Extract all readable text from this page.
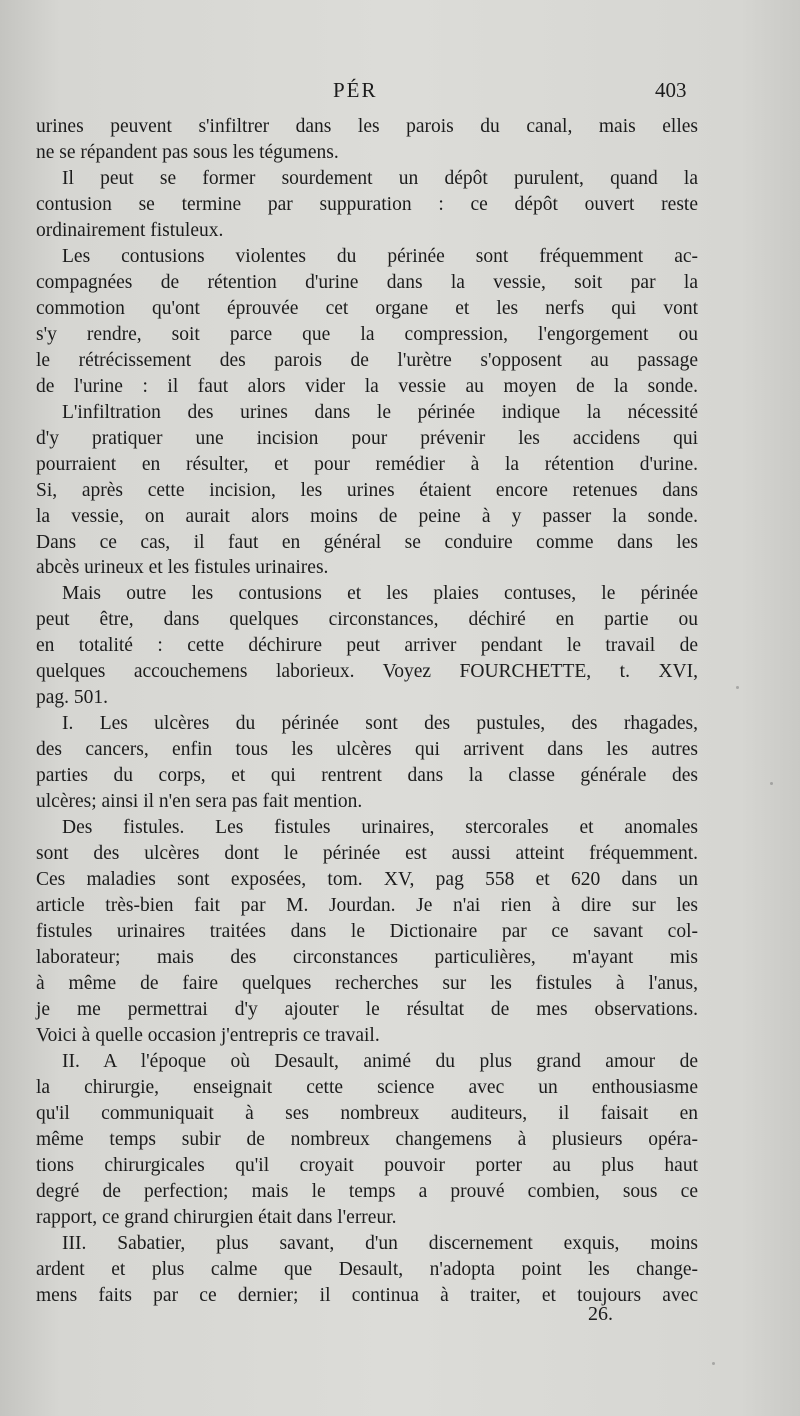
PÉR	403
urines peuvent s'infiltrer dans les parois du canal, mais elles
ne se répandent pas sous les tégumens.
Il peut se former sourdement un dépôt purulent, quand la
contusion se termine par suppuration : ce dépôt ouvert reste
ordinairement fistuleux.
Les contusions violentes du périnée sont fréquemment ac-
compagnées de rétention d'urine dans la vessie, soit par la
commotion qu'ont éprouvée cet organe et les nerfs qui vont
s'y rendre, soit parce que la compression, l'engorgement ou
le rétrécissement des parois de l'urètre s'opposent au passage
de l'urine : il faut alors vider la vessie au moyen de la sonde.
L'infiltration des urines dans le périnée indique la nécessité
d'y pratiquer une incision pour prévenir les accidens qui
pourraient en résulter, et pour remédier à la rétention d'urine.
Si, après cette incision, les urines étaient encore retenues dans
la vessie, on aurait alors moins de peine à y passer la sonde.
Dans ce cas, il faut en général se conduire comme dans les
abcès urineux et les fistules urinaires.
Mais outre les contusions et les plaies contuses, le périnée
peut être, dans quelques circonstances, déchiré en partie ou
en totalité : cette déchirure peut arriver pendant le travail de
quelques accouchemens laborieux. Voyez FOURCHETTE, t. XVI,
pag. 501.
I. Les ulcères du périnée sont des pustules, des rhagades,
des cancers, enfin tous les ulcères qui arrivent dans les autres
parties du corps, et qui rentrent dans la classe générale des
ulcères; ainsi il n'en sera pas fait mention.
Des fistules. Les fistules urinaires, stercorales et anomales
sont des ulcères dont le périnée est aussi atteint fréquemment.
Ces maladies sont exposées, tom. XV, pag 558 et 620 dans un
article très-bien fait par M. Jourdan. Je n'ai rien à dire sur les
fistules urinaires traitées dans le Dictionaire par ce savant col-
laborateur; mais des circonstances particulières, m'ayant mis
à même de faire quelques recherches sur les fistules à l'anus,
je me permettrai d'y ajouter le résultat de mes observations.
Voici à quelle occasion j'entrepris ce travail.
II. A l'époque où Desault, animé du plus grand amour de
la chirurgie, enseignait cette science avec un enthousiasme
qu'il communiquait à ses nombreux auditeurs, il faisait en
même temps subir de nombreux changemens à plusieurs opéra-
tions chirurgicales qu'il croyait pouvoir porter au plus haut
degré de perfection; mais le temps a prouvé combien, sous ce
rapport, ce grand chirurgien était dans l'erreur.
III. Sabatier, plus savant, d'un discernement exquis, moins
ardent et plus calme que Desault, n'adopta point les change-
mens faits par ce dernier; il continua à traiter, et toujours avec
26.
